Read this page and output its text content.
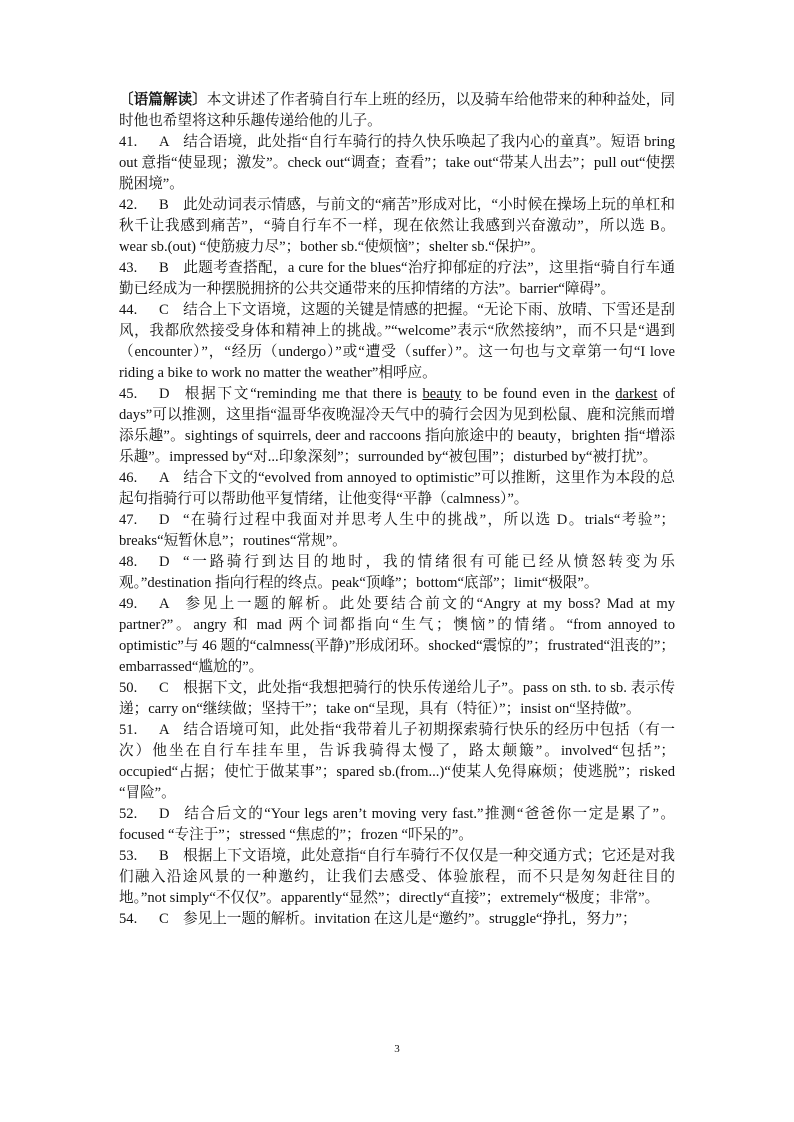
〔语篇解读〕本文讲述了作者骑自行车上班的经历，以及骑车给他带来的种种益处，同时他也希望将这种乐趣传递给他的儿子。

41. A 结合语境，此处指“自行车骑行的持久快乐唤起了我内心的童真”。短语 bring out 意指“使显现；激发”。check out“调查；查看”；take out“带某人出去”；pull out“使摆脱困境”。

42. B 此处动词表示情感，与前文的“痛苦”形成对比，“小时候在操场上玩的单杠和秋千让我感到痛苦”，“骑自行车不一样，现在依然让我感到兴奋激动”，所以选 B。wear sb.(out) “使筋疲力尽”；bother sb.“使烦恼”；shelter sb.“保护”。

43. B 此题考查搭配，a cure for the blues“治疗抑郁症的疗法”，这里指“骑自行车通勤已经成为一种摆脱拥挤的公共交通带来的压抑情绪的方法”。barrier“障碍”。

44. C 结合上下文语境，这题的关键是情感的把握。“无论下雨、放晴、下雪还是刮风，我都欣然接受身体和精神上的挑战。”“welcome”表示“欣然接纳”，而不只是“遇到（encounter）”，“经历（undergo）”或“遭受（suffer）”。这一句也与文章第一句“I love riding a bike to work no matter the weather”相呼应。

45. D 根据下文“reminding me that there is beauty to be found even in the darkest of days”可以推测，这里指“温哥华夜晚湿冷天气中的骑行会因为见到松鼠、鹿和浣熊而增添乐趣”。sightings of squirrels, deer and raccoons 指向旅途中的 beauty，brighten 指“增添乐趣”。impressed by“对...印象深刻”；surrounded by“被包围”；disturbed by“被打扰”。

46. A 结合下文的“evolved from annoyed to optimistic”可以推断，这里作为本段的总起句指骑行可以帮助他平复情绪，让他变得“平静（calmness）”。

47. D “在骑行过程中我面对并思考人生中的挑战”，所以选 D。trials“考验”；breaks“短暂休息”；routines“常规”。

48. D “一路骑行到达目的地时，我的情绪很有可能已经从愤怒转变为乐观。”destination 指向行程的终点。peak“顶峰”；bottom“底部”；limit“极限”。

49. A 参见上一题的解析。此处要结合前文的“Angry at my boss? Mad at my partner?”。angry 和 mad 两个词都指向“生气；懊恼”的情绪。“from annoyed to optimistic”与 46 题的“calmness(平静)”形成闭环。shocked“震惊的”；frustrated“沮丧的”；embarrassed“尴尬的”。

50. C 根据下文，此处指“我想把骑行的快乐传递给儿子”。pass on sth. to sb. 表示传递；carry on“继续做；坚持干”；take on“呈现，具有（特征）”；insist on“坚持做”。

51. A 结合语境可知，此处指“我带着儿子初期探索骑行快乐的经历中包括（有一次）他坐在自行车挂车里，告诉我骑得太慢了，路太颠簸”。involved“包括”；occupied“占据；使忙于做某事”；spared sb.(from...)“使某人免得麻烦；使逃脱”；risked “冒险”。

52. D 结合后文的“Your legs aren’t moving very fast.”推测“爸爸你一定是累了”。focused “专注于”；stressed “焦虑的”；frozen “吓呆的”。

53. B 根据上下文语境，此处意指“自行车骑行不仅仅是一种交通方式；它还是对我们融入沿途风景的一种邀约，让我们去感受、体验旅程，而不只是匆匆赶往目的地。”not simply“不仅仅”。apparently“显然”；directly“直接”；extremely“极度；非常”。

54. C 参见上一题的解析。invitation 在这儿是“邀约”。struggle“挣扎，努力”；

3
